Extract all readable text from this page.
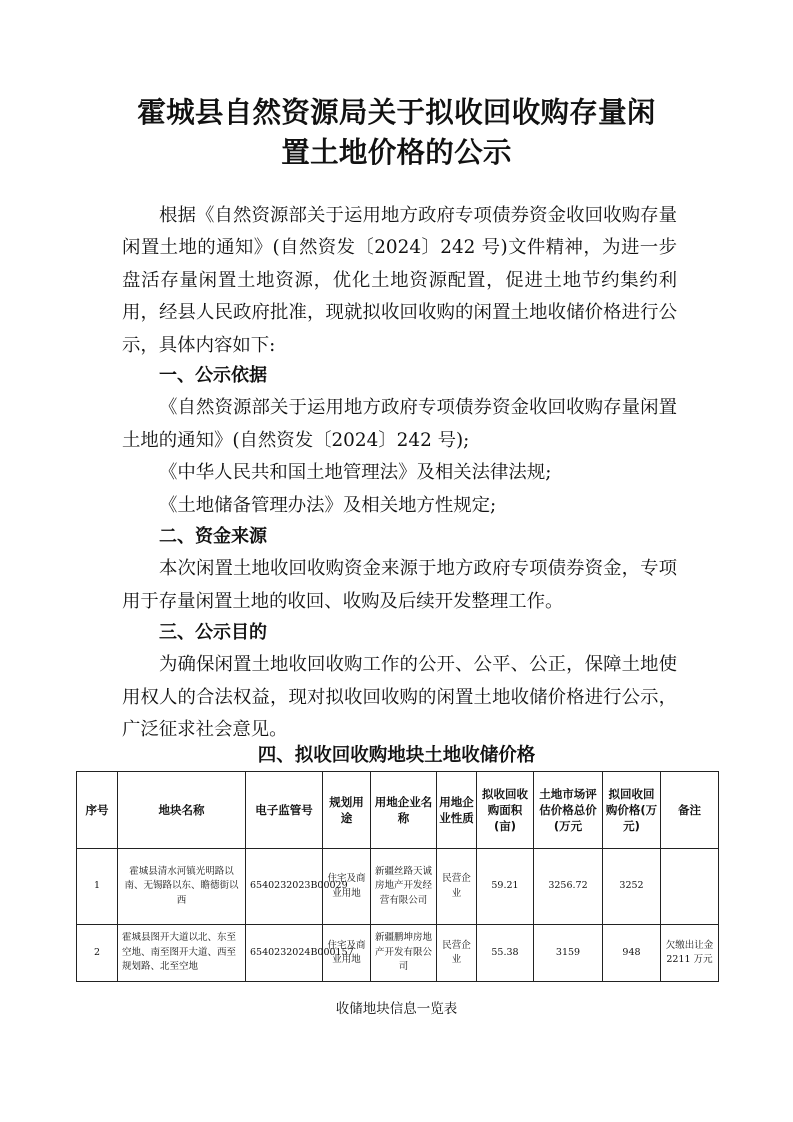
霍城县自然资源局关于拟收回收购存量闲
置土地价格的公示

根据《自然资源部关于运用地方政府专项债券资金收回收购存量闲置土地的通知》(自然资发〔2024〕242 号)文件精神，为进一步盘活存量闲置土地资源，优化土地资源配置，促进土地节约集约利用，经县人民政府批准，现就拟收回收购的闲置土地收储价格进行公示，具体内容如下:

一、公示依据

《自然资源部关于运用地方政府专项债券资金收回收购存量闲置土地的通知》(自然资发〔2024〕242 号);

《中华人民共和国土地管理法》及相关法律法规;

《土地储备管理办法》及相关地方性规定;

二、资金来源

本次闲置土地收回收购资金来源于地方政府专项债券资金，专项用于存量闲置土地的收回、收购及后续开发整理工作。

三、公示目的

为确保闲置土地收回收购工作的公开、公平、公正，保障土地使用权人的合法权益，现对拟收回收购的闲置土地收储价格进行公示，广泛征求社会意见。

四、拟收回收购地块土地收储价格
序号	地块名称	电子监管号	规划用途	用地企业名称	用地企业性质	拟收回收购面积(亩)	土地市场评估价格总价(万元	拟回收回购价格(万元)	备注
1	霍城县清水河镇光明路以南、无锡路以东、瞻德街以西	6540232023B00029	住宅及商业用地	新疆丝路天诚房地产开发经营有限公司	民营企业	59.21	3256.72	3252	
2	霍城县图开大道以北、东至空地、南至图开大道、西至规划路、北至空地	6540232024B000157	住宅及商业用地	新疆鹏坤房地产开发有限公司	民营企业	55.38	3159	948	欠缴出让金 2211 万元
收储地块信息一览表
